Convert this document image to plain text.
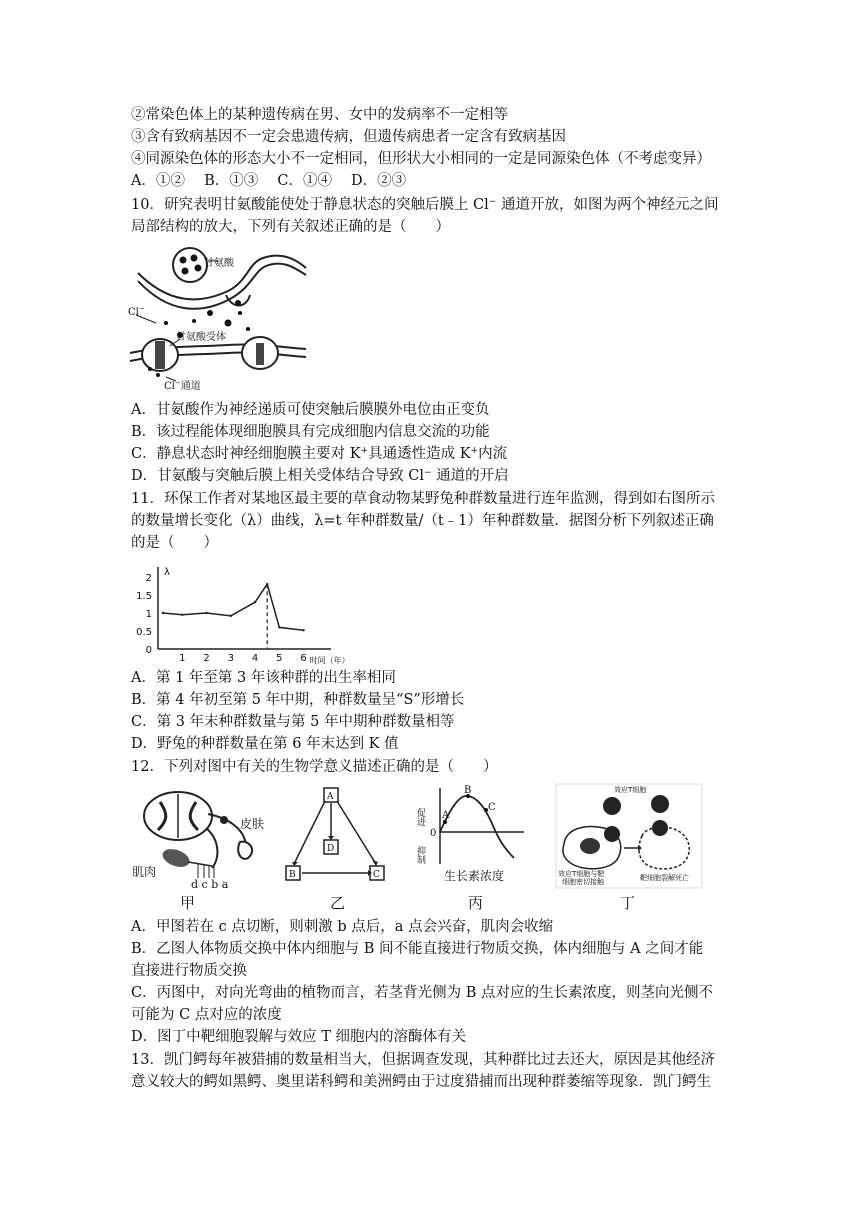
②常染色体上的某种遗传病在男、女中的发病率不一定相等
③含有致病基因不一定会患遗传病，但遗传病患者一定含有致病基因
④同源染色体的形态大小不一定相同，但形状大小相同的一定是同源染色体（不考虑变异）
A．①②　 B．①③　 C．①④　 D．②③
10．研究表明甘氨酸能使处于静息状态的突触后膜上 Cl− 通道开放，如图为两个神经元之间
局部结构的放大，下列有关叙述正确的是（　　）
甘氨酸
Cl−
甘氨酸受体
Cl−通道
A．甘氨酸作为神经递质可使突触后膜膜外电位由正变负
B．该过程能体现细胞膜具有完成细胞内信息交流的功能
C．静息状态时神经细胞膜主要对 K+具通透性造成 K+内流
D．甘氨酸与突触后膜上相关受体结合导致 Cl− 通道的开启
11．环保工作者对某地区最主要的草食动物某野兔种群数量进行连年监测，得到如右图所示
的数量增长变化（λ）曲线，λ=t 年种群数量/（t﹣1）年种群数量．据图分析下列叙述正确
的是（　　）
λ
0
0.5
1
1.5
2
1 2 3 4 5 6 时间（年）
A．第 1 年至第 3 年该种群的出生率相同
B．第 4 年初至第 5 年中期，种群数量呈“S”形增长
C．第 3 年末种群数量与第 5 年中期种群数量相等
D．野兔的种群数量在第 6 年末达到 K 值
12．下列对图中有关的生物学意义描述正确的是（　　）
皮肤
肌肉
d c b a
甲
A
D
B	C
乙
促进
抑制
0
A
B
C
生长素浓度
丙
效应T细胞
效应T细胞与靶
细胞密切接触	靶细胞裂解死亡
丁
A．甲图若在 c 点切断，则刺激 b 点后，a 点会兴奋，肌肉会收缩
B．乙图人体物质交换中体内细胞与 B 间不能直接进行物质交换，体内细胞与 A 之间才能
直接进行物质交换
C．丙图中，对向光弯曲的植物而言，若茎背光侧为 B 点对应的生长素浓度，则茎向光侧不
可能为 C 点对应的浓度
D．图丁中靶细胞裂解与效应 T 细胞内的溶酶体有关
13．凯门鳄每年被猎捕的数量相当大，但据调查发现，其种群比过去还大，原因是其他经济
意义较大的鳄如黑鳄、奥里诺科鳄和美洲鳄由于过度猎捕而出现种群萎缩等现象．凯门鳄生
